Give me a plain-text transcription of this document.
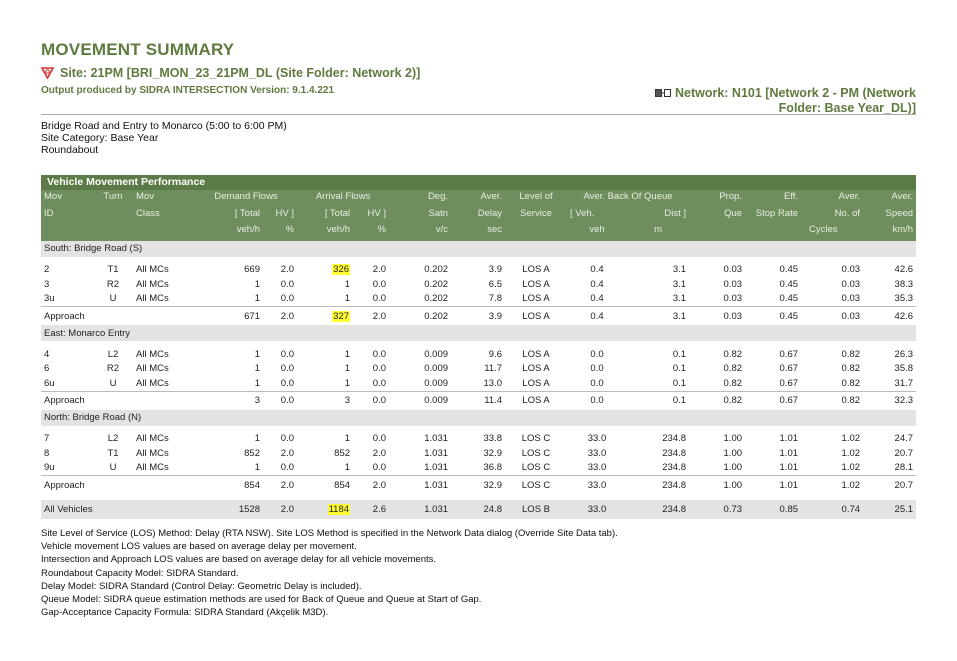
MOVEMENT SUMMARY
Site: 21PM [BRI_MON_23_21PM_DL (Site Folder: Network 2)]
Output produced by SIDRA INTERSECTION Version: 9.1.4.221	Network: N101 [Network 2 - PM (Network
Folder: Base Year_DL)]
Bridge Road and Entry to Monarco (5:00 to 6:00 PM)
Site Category: Base Year
Roundabout
Vehicle Movement Performance
Mov	Turn	Mov	Demand Flows		Arrival Flows		Deg.	Aver.	Level of	Aver. Back Of Queue		Prop.	Eff.	Aver.	Aver.
ID		Class	[ Total	HV ]	[ Total	HV ]	Satn	Delay	Service	[ Veh.	Dist ]	Que	Stop Rate	No. of	Speed
			veh/h	%	veh/h	%	v/c	sec		veh	m			Cycles	km/h
South: Bridge Road (S)															

2	T1	All MCs	669	2.0	326	2.0	0.202	3.9	LOS A	0.4	3.1	0.03	0.45	0.03	42.6
3	R2	All MCs	1	0.0	1	0.0	0.202	6.5	LOS A	0.4	3.1	0.03	0.45	0.03	38.3
3u	U	All MCs	1	0.0	1	0.0	0.202	7.8	LOS A	0.4	3.1	0.03	0.45	0.03	35.3
Approach			671	2.0	327	2.0	0.202	3.9	LOS A	0.4	3.1	0.03	0.45	0.03	42.6
East: Monarco Entry															

4	L2	All MCs	1	0.0	1	0.0	0.009	9.6	LOS A	0.0	0.1	0.82	0.67	0.82	26.3
6	R2	All MCs	1	0.0	1	0.0	0.009	11.7	LOS A	0.0	0.1	0.82	0.67	0.82	35.8
6u	U	All MCs	1	0.0	1	0.0	0.009	13.0	LOS A	0.0	0.1	0.82	0.67	0.82	31.7
Approach			3	0.0	3	0.0	0.009	11.4	LOS A	0.0	0.1	0.82	0.67	0.82	32.3
North: Bridge Road (N)															

7	L2	All MCs	1	0.0	1	0.0	1.031	33.8	LOS C	33.0	234.8	1.00	1.01	1.02	24.7
8	T1	All MCs	852	2.0	852	2.0	1.031	32.9	LOS C	33.0	234.8	1.00	1.01	1.02	20.7
9u	U	All MCs	1	0.0	1	0.0	1.031	36.8	LOS C	33.0	234.8	1.00	1.01	1.02	28.1
Approach			854	2.0	854	2.0	1.031	32.9	LOS C	33.0	234.8	1.00	1.01	1.02	20.7

All Vehicles			1528	2.0	1184	2.6	1.031	24.8	LOS B	33.0	234.8	0.73	0.85	0.74	25.1
Site Level of Service (LOS) Method: Delay (RTA NSW). Site LOS Method is specified in the Network Data dialog (Override Site Data tab).
Vehicle movement LOS values are based on average delay per movement.
Intersection and Approach LOS values are based on average delay for all vehicle movements.
Roundabout Capacity Model: SIDRA Standard.
Delay Model: SIDRA Standard (Control Delay: Geometric Delay is included).
Queue Model: SIDRA queue estimation methods are used for Back of Queue and Queue at Start of Gap.
Gap-Acceptance Capacity Formula: SIDRA Standard (Akçelik M3D).
